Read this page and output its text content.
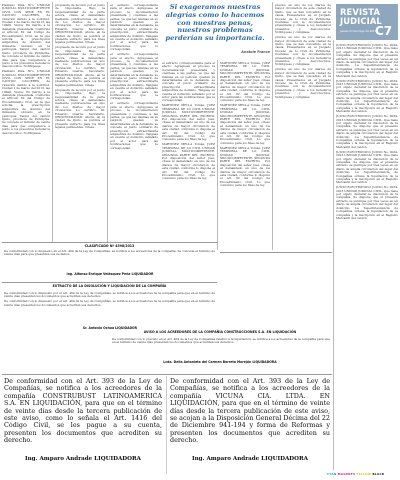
Si exageramos nuestras alegrías como lo hacemos con nuestras penas, nuestros problemas perderían su importancia.
Anatole France
REVISTA JUDICIAL
Jueves 23 de mayo de 2013
C7

Planteno Dixa, Nro. UNIDAD JUDICIAL MULTICOMPETENTE CIVIL CON SEDE EN EL CANTÓN CALCERES, de violación debido a la solicitud. Ciudad 1 de marzo del 2013, las 10h00. Vistos: En mérito a la demanda presentada. Conforme el artículo 82 del Código de Procedimiento Civil, en la que solicita la prescripción adquisitiva de dominio del inmueble ubicado en la parroquia Tarqui del cantón Quito, provincia de Pichincha. Se concede el término de veinte días para que comparezca a juicio a los presuntos herederos desconocidos. Notifíquese.

Planteno Dixa, Nro. UNIDAD JUDICIAL MULTICOMPETENTE CIVIL CON SEDE EN EL CANTÓN CALCERES, de violación debido a la solicitud. Ciudad 1 de marzo del 2013, las 10h00. Vistos: En mérito a la demanda presentada. Conforme el artículo 82 del Código de Procedimiento Civil, en la que solicita la prescripción adquisitiva de dominio del inmueble ubicado en la parroquia Tarqui del cantón Quito, provincia de Pichincha. Se concede el término de veinte días para que comparezca a juicio a los presuntos herederos desconocidos. Notifíquese.

propuesta de lección por el juicio de Imponente. Bajo la responsabilidad de la parte actora, cítese al demandado mediante publicaciones en uno de los diarios de mayor circulación. Lo certifico. Dr. Eduardo Guerra, Secretario. ORQUESTALIDAD. Ahora, en la ciudad de Quito, se publica el presente extracto para los fines legales pertinentes. Cítese.

propuesta de lección por el juicio de Imponente. Bajo la responsabilidad de la parte actora, cítese al demandado mediante publicaciones en uno de los diarios de mayor circulación. Lo certifico. Dr. Eduardo Guerra, Secretario. ORQUESTALIDAD. Ahora, en la ciudad de Quito, se publica el presente extracto para los fines legales pertinentes. Cítese.

propuesta de lección por el juicio de Imponente. Bajo la responsabilidad de la parte actora, cítese al demandado mediante publicaciones en uno de los diarios de mayor circulación. Lo certifico. Dr. Eduardo Guerra, Secretario. ORQUESTALIDAD. Ahora, en la ciudad de Quito, se publica el presente extracto para los fines legales pertinentes. Cítese.

el extracto correspondiente para el efecto. Agréguese al proceso la documentación presentada y cuéntese a las partes, ya que las mismas en su petición quedan ya determinadas en la demanda, se concede el juicio ordinario de prescripción extraordinaria adquisitiva de dominio. Téngase en cuenta el domicilio señalado por el actor para las notificaciones que le correspondan.

el extracto correspondiente para el efecto. Agréguese al proceso la documentación presentada y cuéntese a las partes, ya que las mismas en su petición quedan ya determinadas en la demanda, se concede el juicio ordinario de prescripción extraordinaria adquisitiva de dominio. Téngase en cuenta el domicilio señalado por el actor para las notificaciones que le correspondan.

el extracto correspondiente para el efecto. Agréguese al proceso la documentación presentada y cuéntese a las partes, ya que las mismas en su petición quedan ya determinadas en la demanda, se concede el juicio ordinario de prescripción extraordinaria adquisitiva de dominio. Téngase en cuenta el domicilio señalado por el actor para las notificaciones que le correspondan.

el extracto correspondiente para el efecto. Agréguese al proceso la documentación presentada y cuéntese a las partes, ya que las mismas en su petición quedan ya determinadas en la demanda, se concede el juicio ordinario de prescripción extraordinaria adquisitiva de dominio. Téngase en cuenta el domicilio señalado por el actor para las notificaciones que le correspondan.

MARTINEZ MELLA Tomás, JUEZ TEMPORAL DE LO CIVIL UNIDAD JUDICIAL MULTICOMPETENTE. SEGUNDA PARTE DEL ESCRITO. Por disposición del señor juez, cítese al demandado en uno de los diarios de mayor circulación de esta ciudad, conforme lo dispone el Art. 82 del Código de Procedimiento Civil. Lo que comunico para los fines de ley.

MARTINEZ MELLA Tomás, JUEZ TEMPORAL DE LO CIVIL UNIDAD JUDICIAL MULTICOMPETENTE. SEGUNDA PARTE DEL ESCRITO. Por disposición del señor juez, cítese al demandado en uno de los diarios de mayor circulación de esta ciudad, conforme lo dispone el Art. 82 del Código de Procedimiento Civil. Lo que comunico para los fines de ley.

MARTINEZ MELLA Tomás, JUEZ TEMPORAL DE LO CIVIL UNIDAD JUDICIAL MULTICOMPETENTE. SEGUNDA PARTE DEL ESCRITO. Por disposición del señor juez, cítese al demandado en uno de los diarios de mayor circulación de esta ciudad, conforme lo dispone el Art. 82 del Código de Procedimiento Civil. Lo que comunico para los fines de ley.

MARTINEZ MELLA Tomás, JUEZ TEMPORAL DE LO CIVIL UNIDAD JUDICIAL MULTICOMPETENTE. SEGUNDA PARTE DEL ESCRITO. Por disposición del señor juez, cítese al demandado en uno de los diarios de mayor circulación de esta ciudad, conforme lo dispone el Art. 82 del Código de Procedimiento Civil. Lo que comunico para los fines de ley.

MARTINEZ MELLA Tomás, JUEZ TEMPORAL DE LO CIVIL UNIDAD JUDICIAL MULTICOMPETENTE. SEGUNDA PARTE DEL ESCRITO. Por disposición del señor juez, cítese al demandado en uno de los diarios de mayor circulación de esta ciudad, conforme lo dispone el Art. 82 del Código de Procedimiento Civil. Lo que comunico para los fines de ley.

previos en uno de los diarios de mayor circulación de esta ciudad de Quito, que se han concedido en la causa. Presentados en el Juzgado Noveno de lo Civil de Pichincha. Cuéntese con la documentación presentada y cítese a los herederos presuntos y desconocidos. Notifíquese y cúmplase.

previos en uno de los diarios de mayor circulación de esta ciudad de Quito, que se han concedido en la causa. Presentados en el Juzgado Noveno de lo Civil de Pichincha. Cuéntese con la documentación presentada y cítese a los herederos presuntos y desconocidos. Notifíquese y cúmplase.

previos en uno de los diarios de mayor circulación de esta ciudad de Quito, que se han concedido en la causa. Presentados en el Juzgado Noveno de lo Civil de Pichincha. Cuéntese con la documentación presentada y cítese a los herederos presuntos y desconocidos. Notifíquese y cúmplase.

JUICIO ELECTRÓNICO. JUICIO No. 0034-2013 UNIDAD JUDICIAL CIVIL. Que tiene por objeto declarar la disolución de la compañía. Se dispone que el presente extracto se publique por tres veces en un diario de amplia circulación del lugar del domicilio. La Superintendencia de Compañías ordena la liquidación de la compañía y la inscripción en el Registro Mercantil del cantón.

JUICIO ELECTRÓNICO. JUICIO No. 0034-2013 UNIDAD JUDICIAL CIVIL. Que tiene por objeto declarar la disolución de la compañía. Se dispone que el presente extracto se publique por tres veces en un diario de amplia circulación del lugar del domicilio. La Superintendencia de Compañías ordena la liquidación de la compañía y la inscripción en el Registro Mercantil del cantón.

JUICIO ELECTRÓNICO. JUICIO No. 0034-2013 UNIDAD JUDICIAL CIVIL. Que tiene por objeto declarar la disolución de la compañía. Se dispone que el presente extracto se publique por tres veces en un diario de amplia circulación del lugar del domicilio. La Superintendencia de Compañías ordena la liquidación de la compañía y la inscripción en el Registro Mercantil del cantón.

JUICIO ELECTRÓNICO. JUICIO No. 0034-2013 UNIDAD JUDICIAL CIVIL. Que tiene por objeto declarar la disolución de la compañía. Se dispone que el presente extracto se publique por tres veces en un diario de amplia circulación del lugar del domicilio. La Superintendencia de Compañías ordena la liquidación de la compañía y la inscripción en el Registro Mercantil del cantón.

JUICIO ELECTRÓNICO. JUICIO No. 0034-2013 UNIDAD JUDICIAL CIVIL. Que tiene por objeto declarar la disolución de la compañía. Se dispone que el presente extracto se publique por tres veces en un diario de amplia circulación del lugar del domicilio. La Superintendencia de Compañías ordena la liquidación de la compañía y la inscripción en el Registro Mercantil del cantón.

CLASIFICADO Nº 4598/2013
De conformidad con lo dispuesto en el Art. 404 de la Ley de Compañías, se notifica a los acreedores de la compañía. Se concede el término de veinte días para que presenten sus reclamos.
Ing. Alfonso Enrique Velásquez Peña LIQUIDADOR
EXTRACTO DE LA DISOLUCIÓN Y LIQUIDACIÓN DE LA COMPAÑÍA

De conformidad con lo dispuesto por el Art. 404 de la Ley de Compañías, se notifica a los acreedores de la compañía para que en el término de veinte días presenten los documentos que acrediten sus derechos.

De conformidad con lo dispuesto por el Art. 404 de la Ley de Compañías, se notifica a los acreedores de la compañía para que en el término de veinte días presenten los documentos que acrediten sus derechos.

Sr. Antonio Ochoa LIQUIDADOR
AVISO A LOS ACREEDORES DE LA COMPAÑÍA CONSTRUCCIONES S.A. EN LIQUIDACIÓN
De conformidad con lo previsto en el Art. 404 de la Ley de Compañías relativo a la liquidación, se notifica a los acreedores de la compañía para que en el término de veinte días presenten los documentos que acrediten sus derechos.
Lcda. Delia Antonieta del Carmen Barreto Morejón LIQUIDADORA
De conformidad con el Art. 393 de la Ley de Compañías, se notifica a los acreedores de la compañía CONSTRUBUST LATINOAMERICA S.A. EN LIQUIDACIÓN, para que en el término de veinte días desde la tercera publicación de este aviso, como lo señala el Art. 1416 del Código Civil, se les pague a su cuenta, presenten los documentos que acrediten su derecho.
Ing. Amparo Andrade LIQUIDADORA
De conformidad con el Art. 393 de la Ley de Compañías, se notifica a los acreedores de la compañía VICUNA CIA. LTDA. EN LIQUIDACIÓN, para que en el término de veinte días desde la tercera publicación de este aviso, se acojan a la Disposición General Décima del 22 de Diciembre 941-194 y forma de Reformas y presenten los documentos que acrediten su derecho.
Ing. Amparo Andrade LIQUIDADORA
CYAN MAGENTA YELLOW BLACK
